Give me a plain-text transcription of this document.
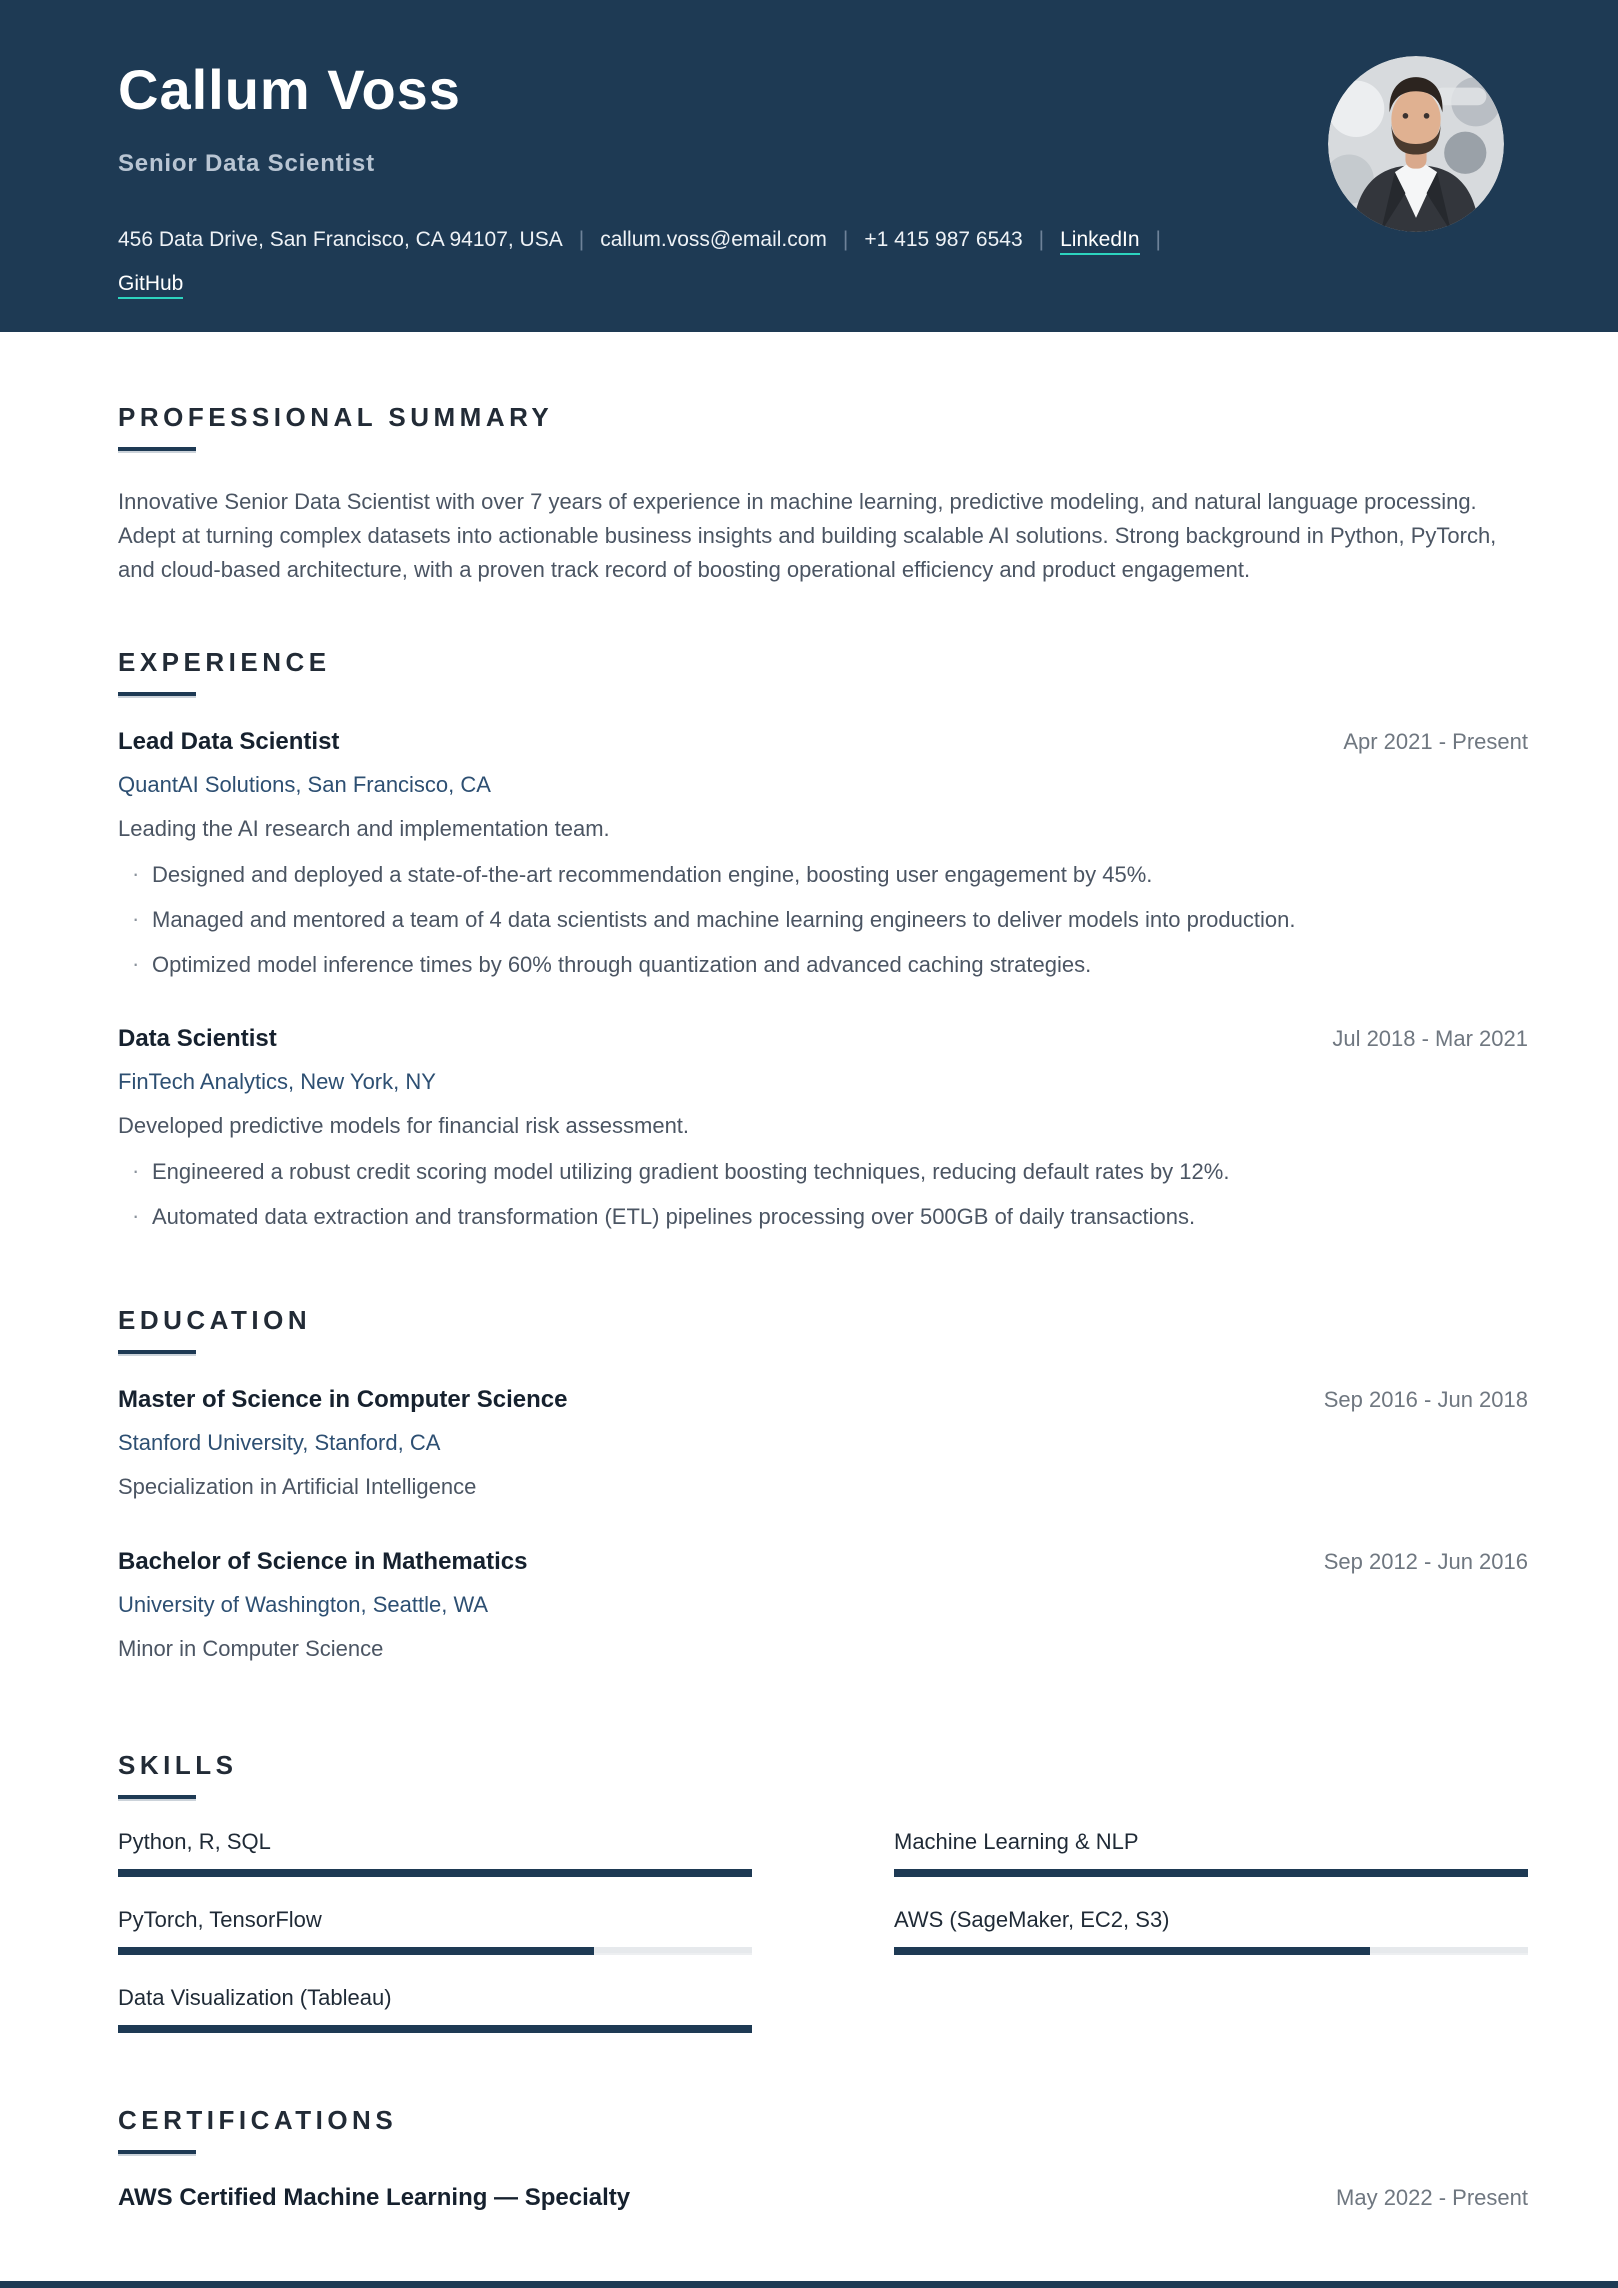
Callum Voss
Senior Data Scientist
456 Data Drive, San Francisco, CA 94107, USA | callum.voss@email.com | +1 415 987 6543 | LinkedIn |
GitHub
PROFESSIONAL SUMMARY

Innovative Senior Data Scientist with over 7 years of experience in machine learning, predictive modeling, and natural language processing. Adept at turning complex datasets into actionable business insights and building scalable AI solutions. Strong background in Python, PyTorch, and cloud-based architecture, with a proven track record of boosting operational efficiency and product engagement.

EXPERIENCE
Lead Data Scientist	Apr 2021 - Present
QuantAI Solutions, San Francisco, CA
Leading the AI research and implementation team.
· Designed and deployed a state-of-the-art recommendation engine, boosting user engagement by 45%.
· Managed and mentored a team of 4 data scientists and machine learning engineers to deliver models into production.
· Optimized model inference times by 60% through quantization and advanced caching strategies.
Data Scientist	Jul 2018 - Mar 2021
FinTech Analytics, New York, NY
Developed predictive models for financial risk assessment.
· Engineered a robust credit scoring model utilizing gradient boosting techniques, reducing default rates by 12%.
· Automated data extraction and transformation (ETL) pipelines processing over 500GB of daily transactions.
EDUCATION
Master of Science in Computer Science	Sep 2016 - Jun 2018
Stanford University, Stanford, CA
Specialization in Artificial Intelligence
Bachelor of Science in Mathematics	Sep 2012 - Jun 2016
University of Washington, Seattle, WA
Minor in Computer Science
SKILLS
Python, R, SQL	Machine Learning & NLP
PyTorch, TensorFlow	AWS (SageMaker, EC2, S3)
Data Visualization (Tableau)
CERTIFICATIONS
AWS Certified Machine Learning — Specialty	May 2022 - Present
